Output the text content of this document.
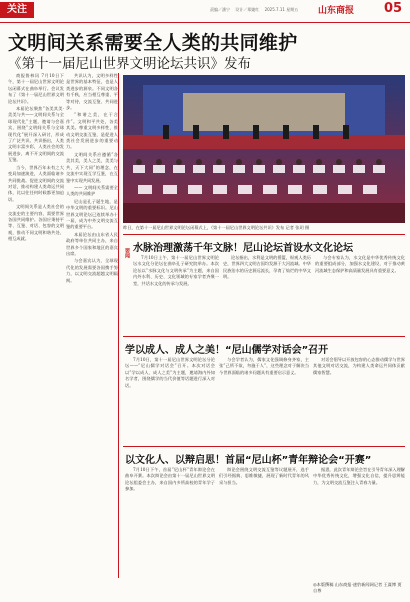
关注	责编／潘宁 设计／郑婕红 2025.7.11 星期五	山东商报 05
文明间关系需要全人类的共同维护
《第十一届尼山世界文明论坛共识》发布

商报鲁林讯 7月10日下午，第十一届尼山世界文明论坛闭幕式在曲阜举行。会议发布了《第十一届尼山世界文明论坛共识》。

本届论坛聚焦“各美其美·美美与共——文明间关系与全球现代化”主题，邀请与会嘉宾，围绕“文明间关系与全球现代化”展开深入研讨，形成了广泛共识。共识指出，人类文明丰富多彩，人类社会的发展进步，离不开文明间的交流互鉴。

当今，世界百年未有之大变局加速演进，人类面临诸多共同挑战。促进文明间的交流对话，推动构建人类命运共同体，比以往任何时候都更加迫切。

文明间关系是人类社会的交流史的主要内容，需要世界各国共同维护。各国应秉持平等、互鉴、对话、包容的文明观，推动不同文明和谐共处、相互成就。

共识认为，文明多样性是世界的基本特征，也是人类进步的源泉。不同文明各有千秋，应当相互尊重、平等对待，交流互鉴、共同进步。

“和谐之美，在于合作”。文明和平共处，各美其美。尊重文明多样性，推动文明交流互鉴，是促进人类社会发展进步的重要动力。

文明间关系应遵循“各美其美，美人之美，美美与共，天下大同”的理念，在交流中实现互学互鉴，在互鉴中实现共同发展。

—— 文明间关系需要全人类的共同维护

尼山是孔子诞生地，是中华文明的重要标识。尼山世界文明论坛已连续举办十一届，成为中外文明交流互鉴的重要平台。

本届论坛由山东省人民政府等单位共同主办，来自世界多个国家和地区的嘉宾出席。

与会嘉宾认为，全球现代化的发展需要各国携手努力，以文明交流超越文明隔阂。

昨日，在第十一届尼山世界文明论坛闭幕式上，《第十一届尼山世界文明论坛共识》发布 记者 张玥 摄
要闻 水脉治理激荡千年文脉！尼山论坛首设水文化论坛

7月10日上午，第十一届尼山世界文明论坛水文化分论坛在曲阜孔子研究院举办。本次论坛以“水脉文化与文明传承”为主题，来自国内外水利、历史、文化领域的专家学者齐聚一堂，共话水文化的传承与发展。

论坛指出，水利是文明的摇篮，纵观人类历史，世界四大文明古国均发源于大河流域。中华民族治水的历史源远流长，孕育了灿烂的中华文明。

与会专家认为，水文化是中华优秀传统文化的重要组成部分，加强水文化建设，对于推动黄河流域生态保护和高质量发展具有重要意义。

学以成人、成人之美！“尼山儒学对话会”召开

7月10日，第十一届尼山世界文明论坛分论坛——“尼山儒学对话会”召开。本次对话会以“学以成人、成人之美”为主题，邀请海内外知名学者，围绕儒学的当代价值等话题进行深入对话。

与会学者认为，儒家文化强调修身齐家，主张“己所不欲，勿施于人”，这些理念对于解决当今世界面临的诸多问题具有重要启示意义。

对话会倡导以开放包容的心态推动儒学与世界其他文明对话交流，为构建人类命运共同体贡献儒家智慧。

以文化人、以辩启思！首届“尼山杯”青年辩论会“开赛”

7月10日下午，首届“尼山杯”青年辩论会在曲阜开赛。本次辩论会由第十一届尼山世界文明论坛组委会主办，来自国内多所高校的青年学子参加。

辩论会围绕文明交流互鉴等议题展开，选手们引经据典、思维敏捷，展现了新时代青年的风采与担当。

据悉，此次青年辩论会旨在引导青年深入理解中华优秀传统文化，增强文化自信，提升思辨能力，为文明交流互鉴注入青春力量。

◎本版撰稿 山东商报·速豹新闻网记者 王谋博 贾自尊
